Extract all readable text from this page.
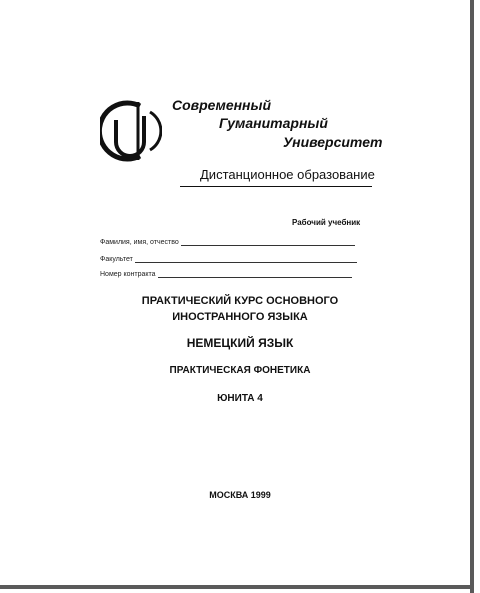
Современный
Гуманитарный
Университет
Дистанционное образование
Рабочий учебник
Фамилия, имя, отчество
Факультет
Номер контракта
ПРАКТИЧЕСКИЙ КУРС ОСНОВНОГО
ИНОСТРАННОГО ЯЗЫКА
НЕМЕЦКИЙ ЯЗЫК
ПРАКТИЧЕСКАЯ ФОНЕТИКА
ЮНИТА 4
МОСКВА 1999
